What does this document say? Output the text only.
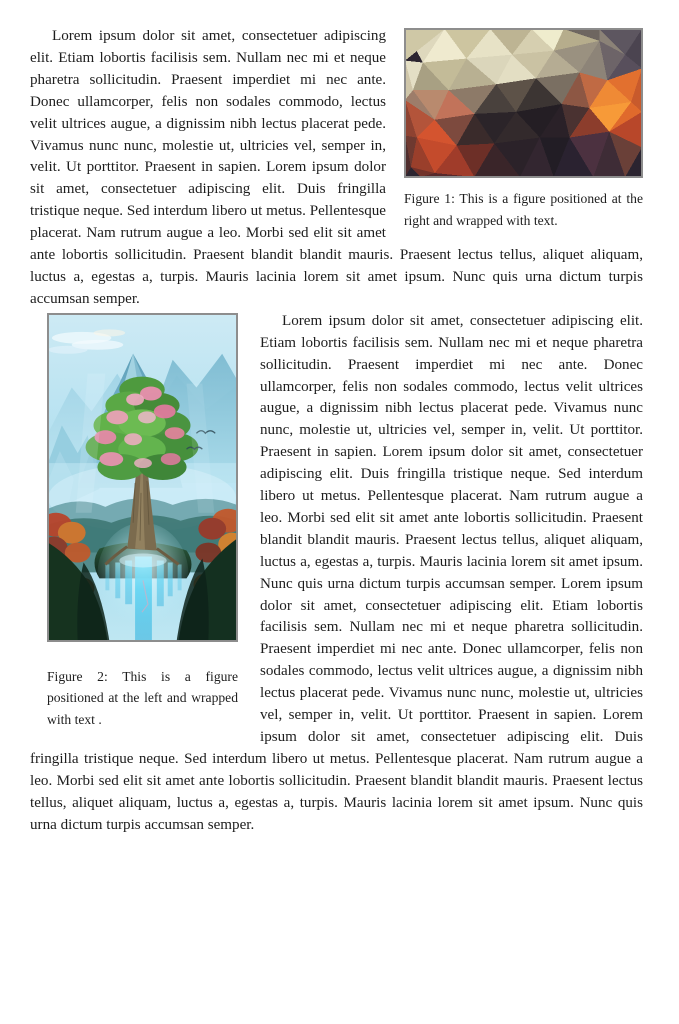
Figure 1: This is a figure positioned at the right and wrapped with text.

Lorem ipsum dolor sit amet, consectetuer adipiscing elit. Etiam lobortis facilisis sem. Nullam nec mi et neque pharetra sollicitudin. Praesent imperdiet mi nec ante. Donec ullamcorper, felis non sodales commodo, lectus velit ultrices augue, a dignissim nibh lectus placerat pede. Vivamus nunc nunc, molestie ut, ultricies vel, semper in, velit. Ut porttitor. Praesent in sapien. Lorem ipsum dolor sit amet, consectetuer adipiscing elit. Duis fringilla tristique neque. Sed interdum libero ut metus. Pellentesque placerat. Nam rutrum augue a leo. Morbi sed elit sit amet ante lobortis sollicitudin. Praesent blandit blandit mauris. Praesent lectus tellus, aliquet aliquam, luctus a, egestas a, turpis. Mauris lacinia lorem sit amet ipsum. Nunc quis urna dictum turpis accumsan semper.

Figure 2: This is a figure positioned at the left and wrapped with text .

Lorem ipsum dolor sit amet, consectetuer adipiscing elit. Etiam lobortis facilisis sem. Nullam nec mi et neque pharetra sollicitudin. Praesent imperdiet mi nec ante. Donec ullamcorper, felis non sodales commodo, lectus velit ultrices augue, a dignissim nibh lectus placerat pede. Vivamus nunc nunc, molestie ut, ultricies vel, semper in, velit. Ut porttitor. Praesent in sapien. Lorem ipsum dolor sit amet, consectetuer adipiscing elit. Duis fringilla tristique neque. Sed interdum libero ut metus. Pellentesque placerat. Nam rutrum augue a leo. Morbi sed elit sit amet ante lobortis sollicitudin. Praesent blandit blandit mauris. Praesent lectus tellus, aliquet aliquam, luctus a, egestas a, turpis. Mauris lacinia lorem sit amet ipsum. Nunc quis urna dictum turpis accumsan semper. Lorem ipsum dolor sit amet, consectetuer adipiscing elit. Etiam lobortis facilisis sem. Nullam nec mi et neque pharetra sollicitudin. Praesent imperdiet mi nec ante. Donec ullamcorper, felis non sodales commodo, lectus velit ultrices augue, a dignissim nibh lectus placerat pede. Vivamus nunc nunc, molestie ut, ultricies vel, semper in, velit. Ut porttitor. Praesent in sapien. Lorem ipsum dolor sit amet, consectetuer adipiscing elit. Duis fringilla tristique neque. Sed interdum libero ut metus. Pellentesque placerat. Nam rutrum augue a leo. Morbi sed elit sit amet ante lobortis sollicitudin. Praesent blandit blandit mauris. Praesent lectus tellus, aliquet aliquam, luctus a, egestas a, turpis. Mauris lacinia lorem sit amet ipsum. Nunc quis urna dictum turpis accumsan semper.
